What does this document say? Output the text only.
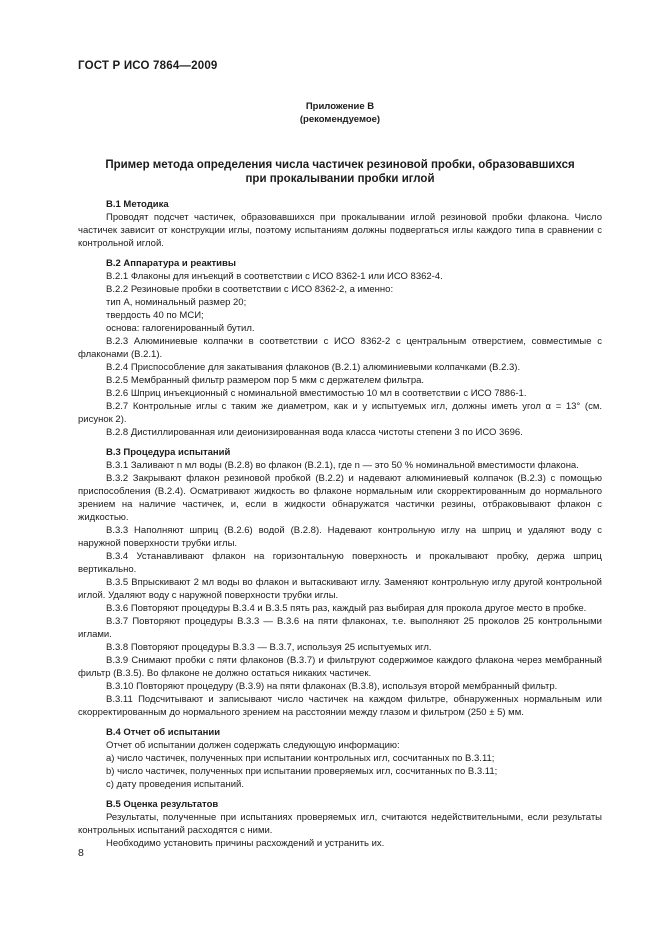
ГОСТ Р ИСО 7864—2009
Приложение В
(рекомендуемое)
Пример метода определения числа частичек резиновой пробки, образовавшихся
при прокалывании пробки иглой

В.1 Методика

Проводят подсчет частичек, образовавшихся при прокалывании иглой резиновой пробки флакона. Число частичек зависит от конструкции иглы, поэтому испытаниям должны подвергаться иглы каждого типа в сравнении с контрольной иглой.

В.2 Аппаратура и реактивы

В.2.1 Флаконы для инъекций в соответствии с ИСО 8362-1 или ИСО 8362-4.

В.2.2 Резиновые пробки в соответствии с ИСО 8362-2, а именно:

тип А, номинальный размер 20;

твердость 40 по МСИ;

основа: галогенированный бутил.

В.2.3 Алюминиевые колпачки в соответствии с ИСО 8362-2 с центральным отверстием, совместимые с флаконами (В.2.1).

В.2.4 Приспособление для закатывания флаконов (В.2.1) алюминиевыми колпачками (В.2.3).

В.2.5 Мембранный фильтр размером пор 5 мкм с держателем фильтра.

В.2.6 Шприц инъекционный с номинальной вместимостью 10 мл в соответствии с ИСО 7886-1.

В.2.7 Контрольные иглы с таким же диаметром, как и у испытуемых игл, должны иметь угол α = 13° (см. рисунок 2).

В.2.8 Дистиллированная или деионизированная вода класса чистоты степени 3 по ИСО 3696.

В.3 Процедура испытаний

В.3.1 Заливают n мл воды (В.2.8) во флакон (В.2.1), где n — это 50 % номинальной вместимости флакона.

В.3.2 Закрывают флакон резиновой пробкой (В.2.2) и надевают алюминиевый колпачок (В.2.3) с помощью приспособления (В.2.4). Осматривают жидкость во флаконе нормальным или скорректированным до нормального зрением на наличие частичек, и, если в жидкости обнаружатся частички резины, отбраковывают флакон с жидкостью.

В.3.3 Наполняют шприц (В.2.6) водой (В.2.8). Надевают контрольную иглу на шприц и удаляют воду с наружной поверхности трубки иглы.

В.3.4 Устанавливают флакон на горизонтальную поверхность и прокалывают пробку, держа шприц вертикально.

В.3.5 Впрыскивают 2 мл воды во флакон и вытаскивают иглу. Заменяют контрольную иглу другой контрольной иглой. Удаляют воду с наружной поверхности трубки иглы.

В.3.6 Повторяют процедуры В.3.4 и В.3.5 пять раз, каждый раз выбирая для прокола другое место в пробке.

В.3.7 Повторяют процедуры В.3.3 — В.3.6 на пяти флаконах, т.е. выполняют 25 проколов 25 контрольными иглами.

В.3.8 Повторяют процедуры В.3.3 — В.3.7, используя 25 испытуемых игл.

В.3.9 Снимают пробки с пяти флаконов (В.3.7) и фильтруют содержимое каждого флакона через мембранный фильтр (В.3.5). Во флаконе не должно остаться никаких частичек.

В.3.10 Повторяют процедуру (В.3.9) на пяти флаконах (В.3.8), используя второй мембранный фильтр.

В.3.11 Подсчитывают и записывают число частичек на каждом фильтре, обнаруженных нормальным или скорректированным до нормального зрением на расстоянии между глазом и фильтром (250 ± 5) мм.

В.4 Отчет об испытании

Отчет об испытании должен содержать следующую информацию:

a) число частичек, полученных при испытании контрольных игл, сосчитанных по В.3.11;

b) число частичек, полученных при испытании проверяемых игл, сосчитанных по В.3.11;

c) дату проведения испытаний.

В.5 Оценка результатов

Результаты, полученные при испытаниях проверяемых игл, считаются недействительными, если результаты контрольных испытаний расходятся с ними.

Необходимо установить причины расхождений и устранить их.

8
